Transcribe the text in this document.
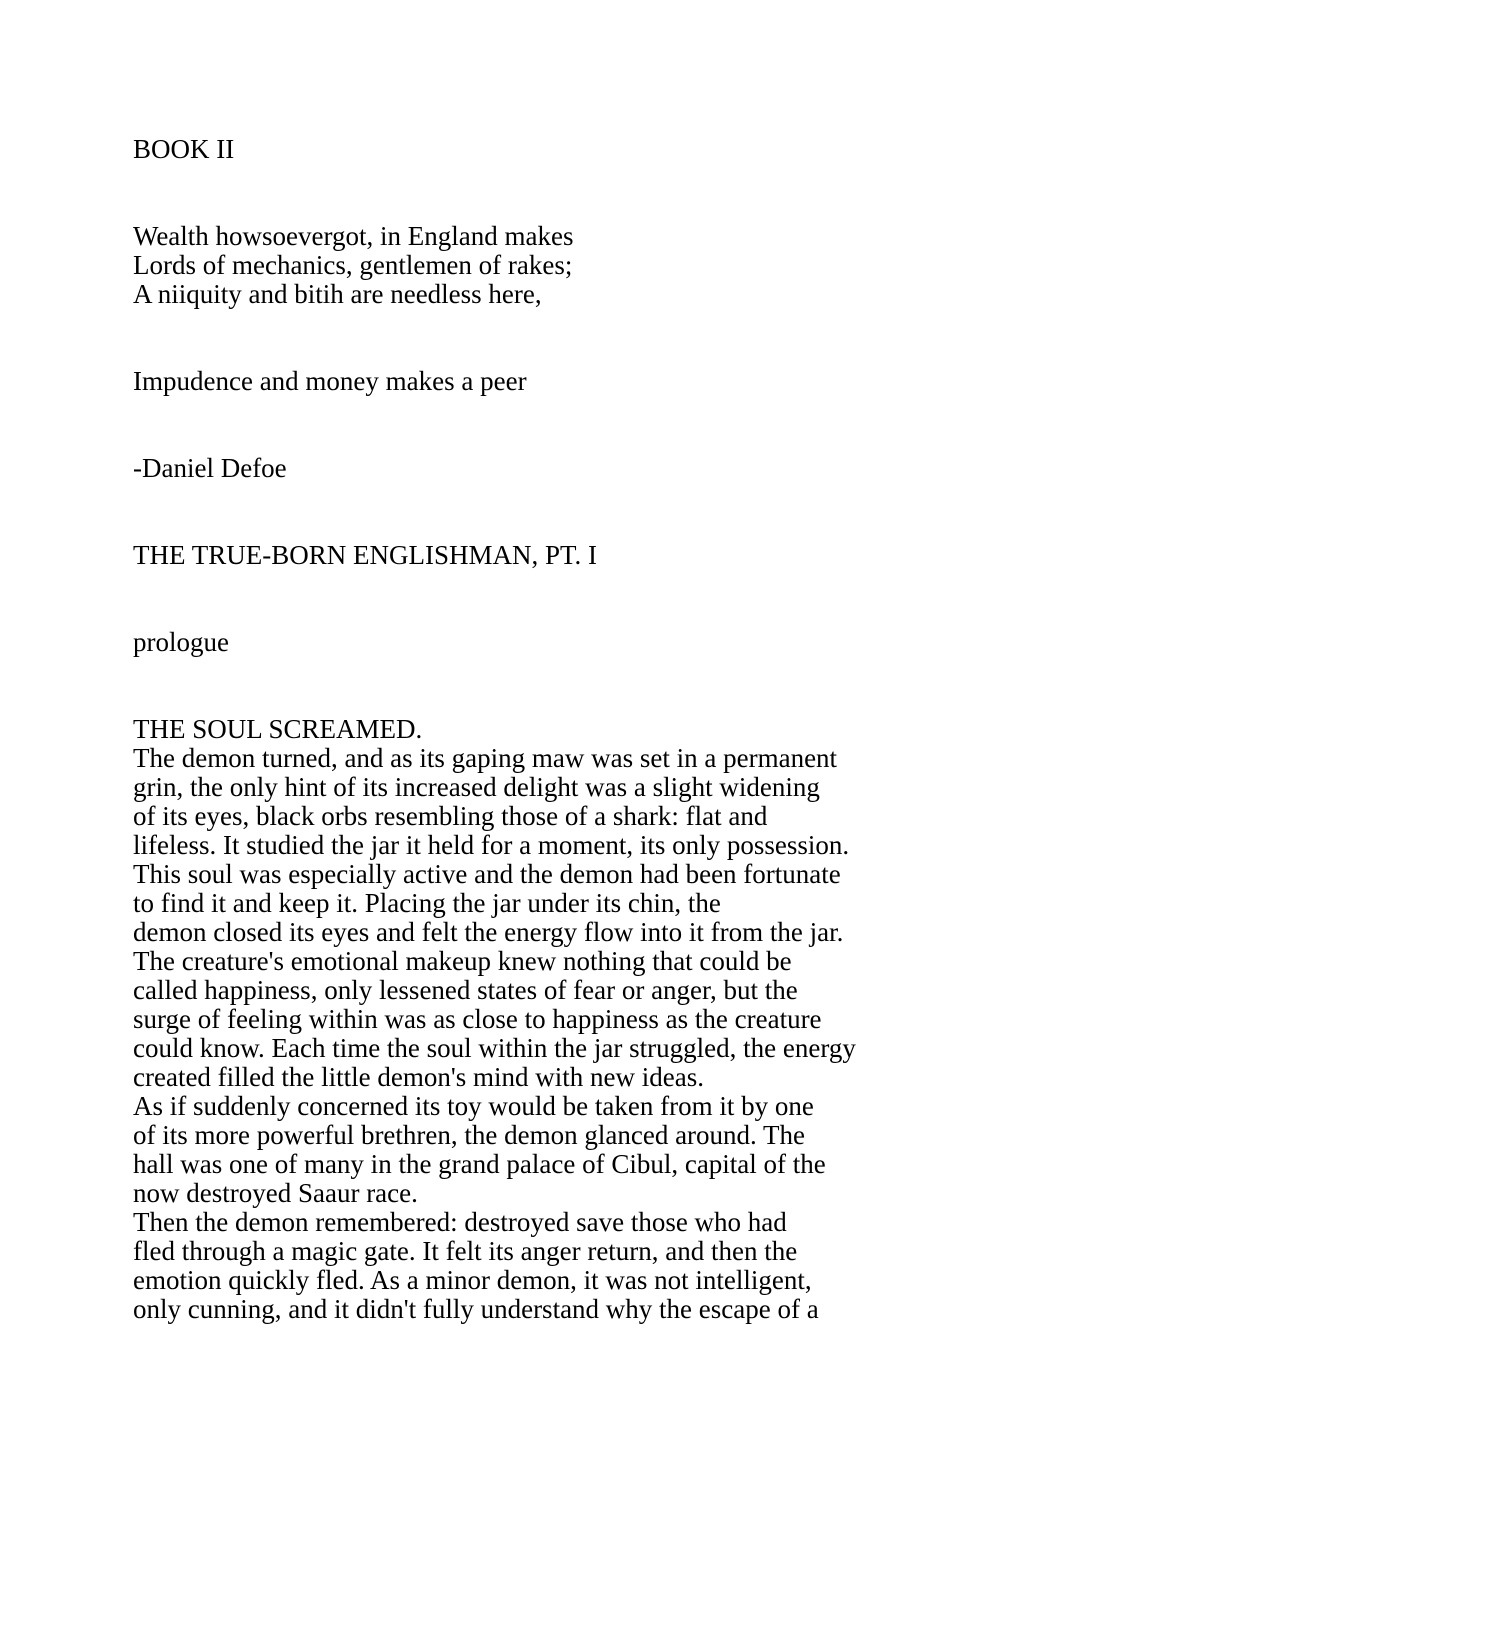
BOOK II
Wealth howsoevergot, in England makes
Lords of mechanics, gentlemen of rakes;
A niiquity and bitih are needless here,
Impudence and money makes a peer
-Daniel Defoe
THE TRUE-BORN ENGLISHMAN, PT. I
prologue
THE SOUL SCREAMED.
The demon turned, and as its gaping maw was set in a permanent
grin, the only hint of its increased delight was a slight widening
of its eyes, black orbs resembling those of a shark: flat and
lifeless. It studied the jar it held for a moment, its only possession.
This soul was especially active and the demon had been fortunate
to find it and keep it. Placing the jar under its chin, the
demon closed its eyes and felt the energy flow into it from the jar.
The creature's emotional makeup knew nothing that could be
called happiness, only lessened states of fear or anger, but the
surge of feeling within was as close to happiness as the creature
could know. Each time the soul within the jar struggled, the energy
created filled the little demon's mind with new ideas.
As if suddenly concerned its toy would be taken from it by one
of its more powerful brethren, the demon glanced around. The
hall was one of many in the grand palace of Cibul, capital of the
now destroyed Saaur race.
Then the demon remembered: destroyed save those who had
fled through a magic gate. It felt its anger return, and then the
emotion quickly fled. As a minor demon, it was not intelligent,
only cunning, and it didn't fully understand why the escape of a
